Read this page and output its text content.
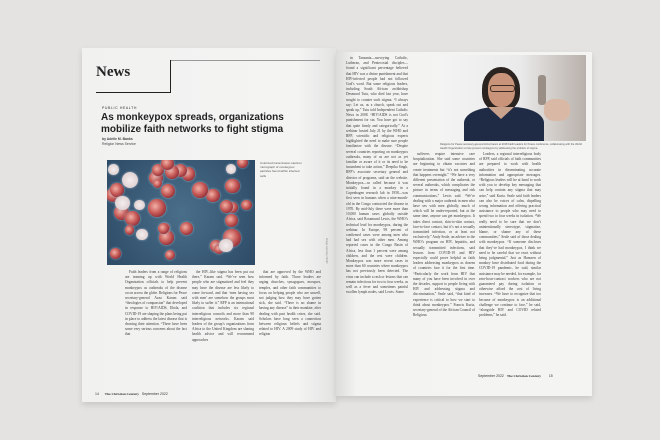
News
PUBLIC HEALTH
As monkeypox spreads, organizations mobilize faith networks to fight stigma
by Adelle M. Banks
Religion News Service
Colorized transmission electron micrograph of monkeypox particles found within infected cells

Faith leaders from a range of religions are teaming up with World Health Organization officials to help prevent monkeypox as outbreaks of the disease occur across the globe. Religions for Peace secretary-general Azza Karam said “theologies of compassion” that developed in response to HIV/AIDS, Ebola, and COVID-19 are shaping the plans being put in place to address the latest disease that is drawing their attention. “There have been some very serious concerns about the fact that

the HIV–like stigma has been put out there,” Karam said. “We’ve seen how people who are stigmatized and feel they may have the disease are less likely to come forward, and that ‘men having sex with men’ are somehow the groups most likely to suffer it.” RFP is an international coalition that includes six regional interreligious councils and more than 90 interreligious networks. Karam said leaders of the group’s organizations from Africa to the United Kingdom are sharing health advice and will recommend approaches

that are approved by the WHO and informed by faith. Those leaders are urging churches, synagogues, mosques, temples, and other faith communities to focus on helping people who are unwell, not judging how they may have gotten sick, she said. “There is no shame in having any disease” in their mandate, after dealing with past health crises, she said. Scholars have long seen a connection between religious beliefs and stigma related to HIV. A 2009 study of HIV and religion

Image courtesy NIAID
14 The Christian Century September 2022
Religions for Peace secretary-general Azza Karam at 2018 Faith leaders for Peace conference, collaborating with the World Health Organization to help prevent monkeypox by addressing the problem of stigma.

in Tanzania—surveying Catholic, Lutheran, and Pentecostal disciples—found a significant percentage believed that HIV was a divine punishment and that HIV-infected people had not followed God’s word. But some religious leaders, including South African archbishop Desmond Tutu, who died last year, have sought to counter such stigma. “I always say: Let us, as a church, speak out and speak up,” Tutu told Independent Catholic News in 2008. “HIV/AIDS is not God’s punishment for sin. You have got to say that quite firmly and categorically.” At a webinar hosted July 21 by the WHO and RFP, scientific and religious experts highlighted the need to make sure people familiarize with the disease. “Despite several countries reporting on monkeypox outbreaks, many of us are not as yet familiar or aware of it or its need to be incumbent to take action,” Deepika Singh, RFP’s associate secretary general and director of programs, said on the website. Monkeypox—so called because it was initially found in a monkey in a Copenhagen research lab in 1958—was first seen in humans when a nine-month-old in the Congo contracted the disease in 1970. By mid-July there were more than 10,000 human cases globally outside Africa, said Rosamund Lewis, the WHO’s technical lead for monkeypox, during the webinar. In Europe, 98 percent of confirmed cases were among men who had had sex with other men. Among reported cases in the Congo Basin of Africa, less than 1 percent were among children, and the rest were children. Monkeypox was more recent cases in more than 60 countries where monkeypox has not previously been detected. The virus can include a rash or lesions that can remain infectious for two to four weeks, as well as a fever and sometimes painful swollen lymph nodes, said Lewis. Some

sufferers require intensive care hospitalization. She said some countries are beginning to obtain vaccines and create treatments but “it’s not something that happens overnight.” “We have a very different presentation of the outbreak, or several outbreaks, which complicates the picture in terms of messaging and risk communications,” Lewis said. “We’re dealing with a major outbreak in men who have sex with men globally, much of which will be under-reported, but at the same time, anyone can get monkeypox. It takes direct contact, skin-to-skin contact, face-to-face contact, but it’s not a sexually transmitted infection, or at least not exclusively.” Andy Seale, an adviser to the WHO’s program on HIV, hepatitis, and sexually transmitted infections, said lessons from COVID-19 and HIV especially could prove helpful as faith leaders addressing monkeypox as dozens of countries face it for the first time. “Particularly the work from HIV that many of you have been involved in over the decades, support to people living with HIV and addressing stigma and discrimination,” Seale said, “that kind of experience is critical to how we start to think about monkeypox.” Francis Kuria, secretary-general of the African Council of Religious

Leaders, a regional interreligious body of RFP, said officials of faith communities are prepared to work with health authorities in disseminating accurate information and appropriate messages. “Religious leaders will be at hand to work with you to develop key messaging that can help contain any stigma that may arise,” said Kuria. Seale said faith leaders can also be voices of calm, dispelling wrong information and offering practical assistance to people who may need to spend two to four weeks in isolation. “We really need to be sure that we don’t unintentionally stereotype, stigmatize, blame, or shame any of these communities,” Seale said of those dealing with monkeypox. “If someone discloses that they’ve had monkeypox, I think we need to be careful that we react without being judgmental.” Just as Hanssen of monkey have distributed food during the COVID-19 pandemic, he said, similar assistance may be needed, for example, for zero-hour-contract workers who are not guaranteed pay during isolation or otherwise afford the cost of living increases. “We have to recognize that too because of monkeypox is an additional challenge we continue to face,” he said, “alongside HIV and COVID related problems,” he said.

September 2022 The Christian Century 15
